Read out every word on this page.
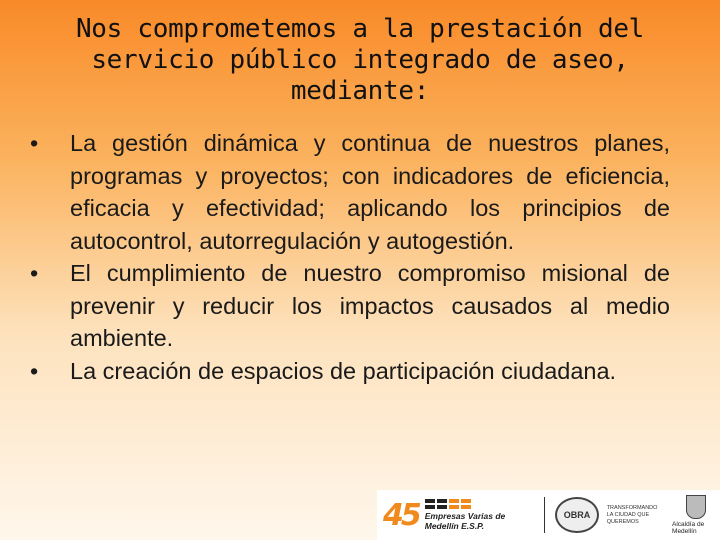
Nos comprometemos a la prestación del servicio público integrado de aseo, mediante:
•	La gestión dinámica y continua de nuestros planes, programas y proyectos; con indicadores de eficiencia, eficacia y efectividad; aplicando los principios de autocontrol, autorregulación y autogestión.
•	El cumplimiento de nuestro compromiso misional de prevenir y reducir los impactos causados al medio ambiente.
•	La creación de espacios de participación ciudadana.
45 Empresas Varias de Medellín E.S.P.
OBRA
TRANSFORMANDO LA CIUDAD QUE QUEREMOS	Alcaldía de Medellín
